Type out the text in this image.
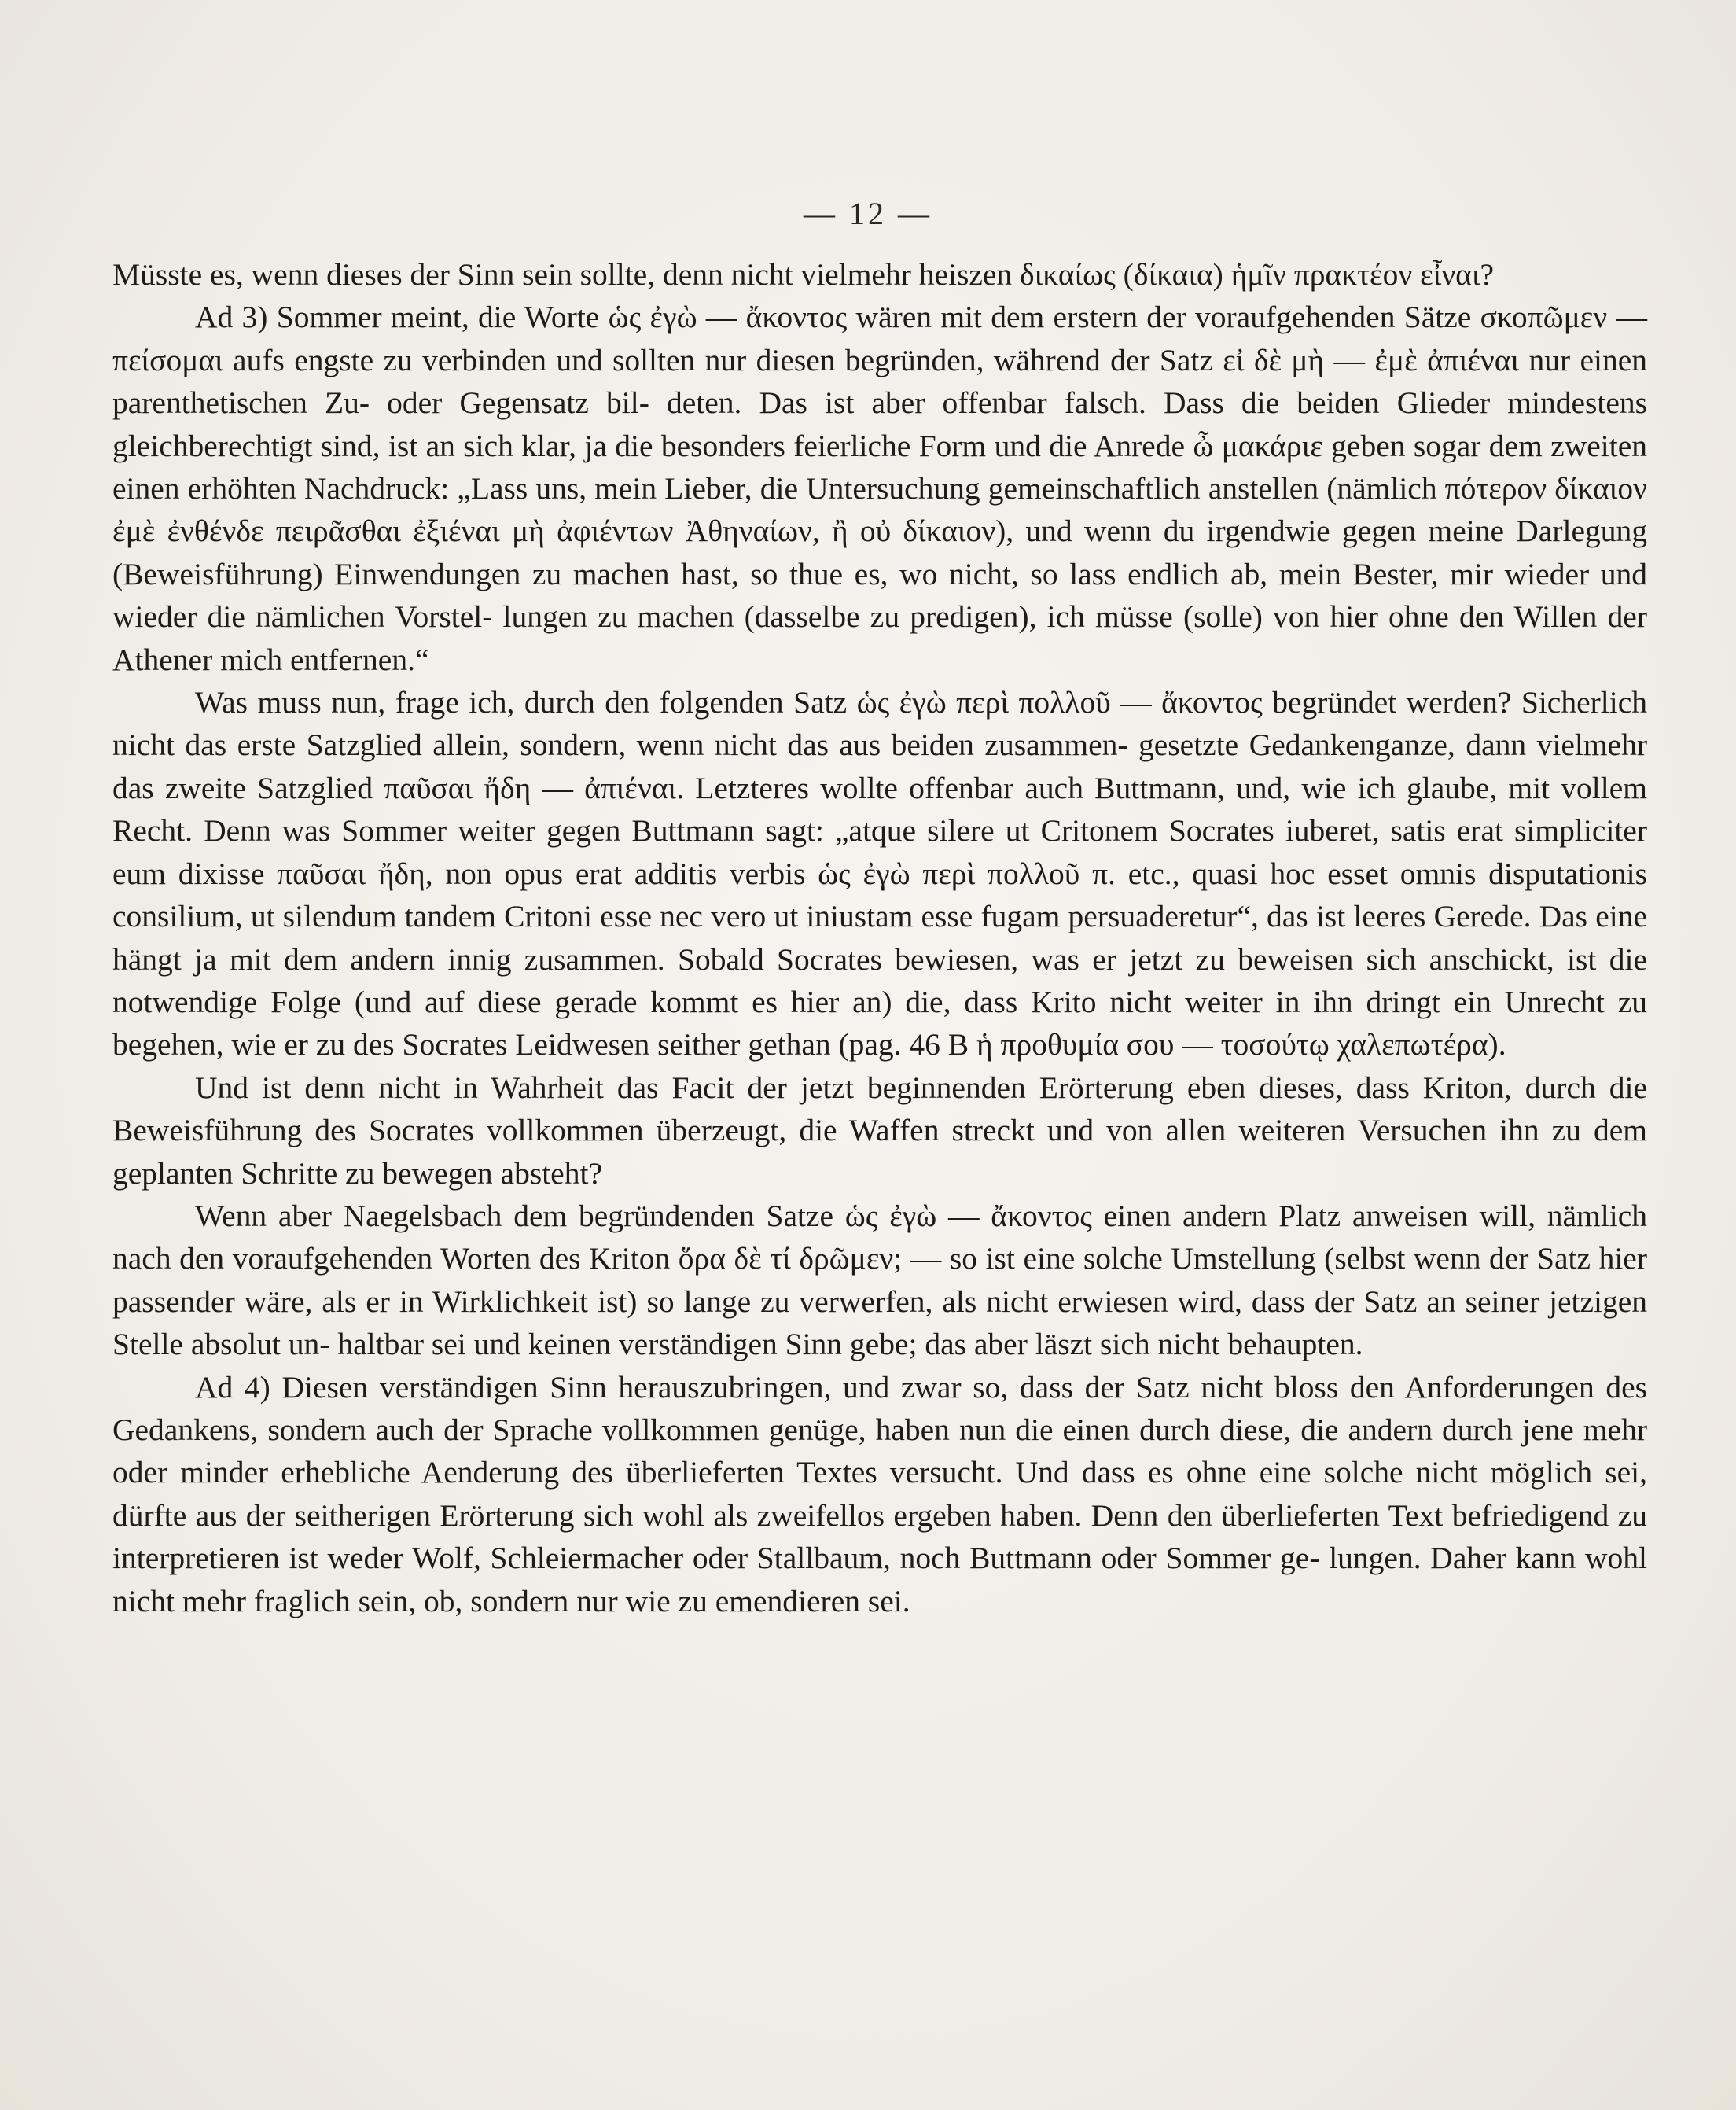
— 12 —

Müsste es, wenn dieses der Sinn sein sollte, denn nicht vielmehr heiszen δικαίως (δίκαια) ἡμῖν πρακτέον εἶναι?

Ad 3) Sommer meint, die Worte ὡς ἐγὼ — ἄκοντος wären mit dem erstern der voraufgehenden Sätze σκοπῶμεν — πείσομαι aufs engste zu verbinden und sollten nur diesen begründen, während der Satz εἰ δὲ μὴ — ἐμὲ ἀπιέναι nur einen parenthetischen Zu- oder Gegensatz bil- deten. Das ist aber offenbar falsch. Dass die beiden Glieder mindestens gleichberechtigt sind, ist an sich klar, ja die besonders feierliche Form und die Anrede ὦ μακάριε geben sogar dem zweiten einen erhöhten Nachdruck: „Lass uns, mein Lieber, die Untersuchung gemeinschaftlich anstellen (nämlich πότερον δίκαιον ἐμὲ ἐνθένδε πειρᾶσθαι ἐξιέναι μὴ ἀφιέντων Ἀθηναίων, ἢ οὐ δίκαιον), und wenn du irgendwie gegen meine Darlegung (Beweisführung) Einwendungen zu machen hast, so thue es, wo nicht, so lass endlich ab, mein Bester, mir wieder und wieder die nämlichen Vorstel- lungen zu machen (dasselbe zu predigen), ich müsse (solle) von hier ohne den Willen der Athener mich entfernen.“

Was muss nun, frage ich, durch den folgenden Satz ὡς ἐγὼ περὶ πολλοῦ — ἄκοντος begründet werden? Sicherlich nicht das erste Satzglied allein, sondern, wenn nicht das aus beiden zusammen- gesetzte Gedankenganze, dann vielmehr das zweite Satzglied παῦσαι ἤδη — ἀπιέναι. Letzteres wollte offenbar auch Buttmann, und, wie ich glaube, mit vollem Recht. Denn was Sommer weiter gegen Buttmann sagt: „atque silere ut Critonem Socrates iuberet, satis erat simpliciter eum dixisse παῦσαι ἤδη, non opus erat additis verbis ὡς ἐγὼ περὶ πολλοῦ π. etc., quasi hoc esset omnis disputationis consilium, ut silendum tandem Critoni esse nec vero ut iniustam esse fugam persuaderetur“, das ist leeres Gerede. Das eine hängt ja mit dem andern innig zusammen. Sobald Socrates bewiesen, was er jetzt zu beweisen sich anschickt, ist die notwendige Folge (und auf diese gerade kommt es hier an) die, dass Krito nicht weiter in ihn dringt ein Unrecht zu begehen, wie er zu des Socrates Leidwesen seither gethan (pag. 46 B ἡ προθυμία σου — τοσούτῳ χαλεπωτέρα).

Und ist denn nicht in Wahrheit das Facit der jetzt beginnenden Erörterung eben dieses, dass Kriton, durch die Beweisführung des Socrates vollkommen überzeugt, die Waffen streckt und von allen weiteren Versuchen ihn zu dem geplanten Schritte zu bewegen absteht?

Wenn aber Naegelsbach dem begründenden Satze ὡς ἐγὼ — ἄκοντος einen andern Platz anweisen will, nämlich nach den voraufgehenden Worten des Kriton ὅρα δὲ τί δρῶμεν; — so ist eine solche Umstellung (selbst wenn der Satz hier passender wäre, als er in Wirklichkeit ist) so lange zu verwerfen, als nicht erwiesen wird, dass der Satz an seiner jetzigen Stelle absolut un- haltbar sei und keinen verständigen Sinn gebe; das aber läszt sich nicht behaupten.

Ad 4) Diesen verständigen Sinn herauszubringen, und zwar so, dass der Satz nicht bloss den Anforderungen des Gedankens, sondern auch der Sprache vollkommen genüge, haben nun die einen durch diese, die andern durch jene mehr oder minder erhebliche Aenderung des überlieferten Textes versucht. Und dass es ohne eine solche nicht möglich sei, dürfte aus der seitherigen Erörterung sich wohl als zweifellos ergeben haben. Denn den überlieferten Text befriedigend zu interpretieren ist weder Wolf, Schleiermacher oder Stallbaum, noch Buttmann oder Sommer ge- lungen. Daher kann wohl nicht mehr fraglich sein, ob, sondern nur wie zu emendieren sei.
